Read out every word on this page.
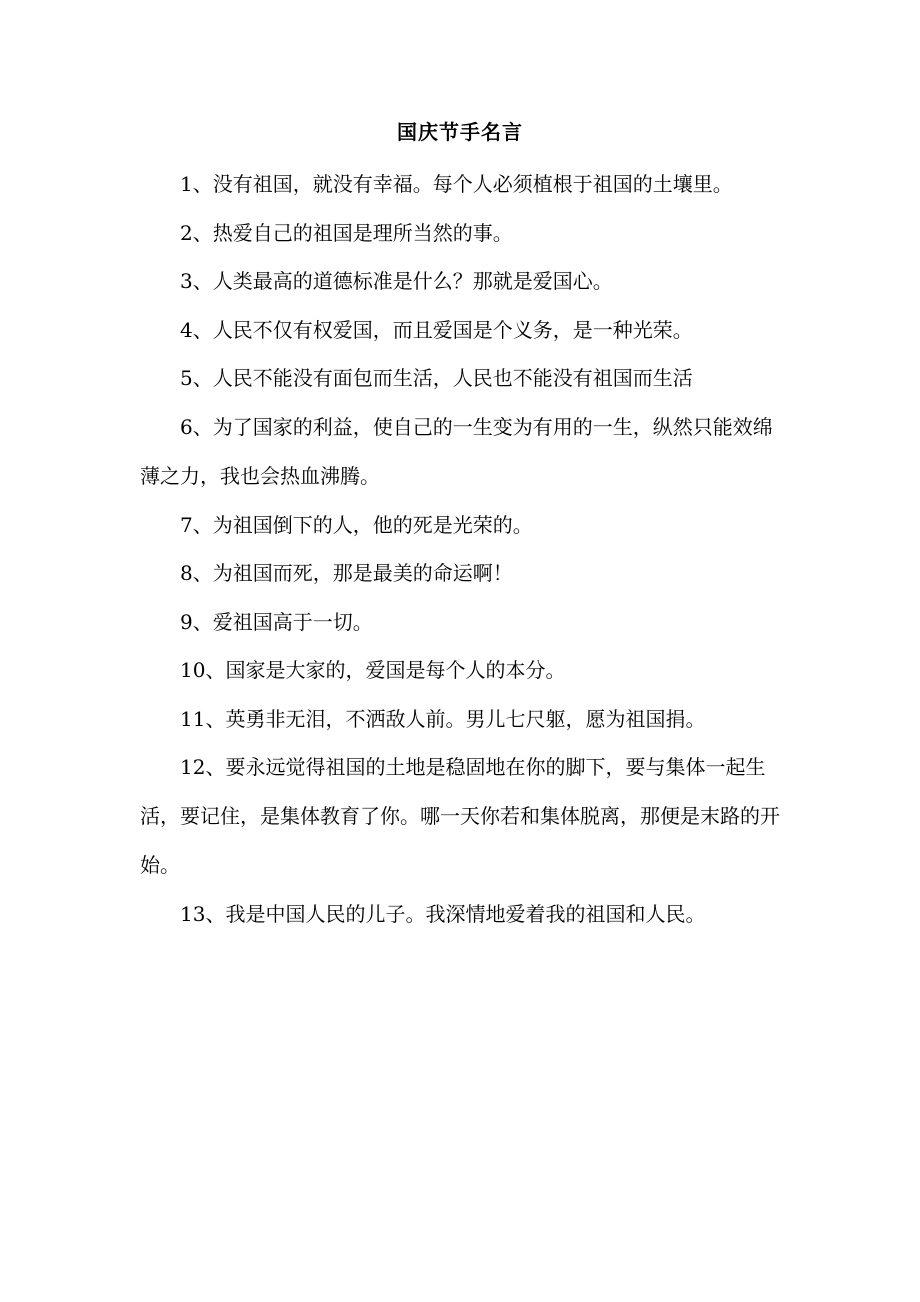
国庆节手名言

1、没有祖国，就没有幸福。每个人必须植根于祖国的土壤里。

2、热爱自己的祖国是理所当然的事。

3、人类最高的道德标准是什么？那就是爱国心。

4、人民不仅有权爱国，而且爱国是个义务，是一种光荣。

5、人民不能没有面包而生活，人民也不能没有祖国而生活

6、为了国家的利益，使自己的一生变为有用的一生，纵然只能效绵薄之力，我也会热血沸腾。

7、为祖国倒下的人，他的死是光荣的。

8、为祖国而死，那是最美的命运啊！

9、爱祖国高于一切。

10、国家是大家的，爱国是每个人的本分。

11、英勇非无泪，不洒敌人前。男儿七尺躯，愿为祖国捐。

12、要永远觉得祖国的土地是稳固地在你的脚下，要与集体一起生活，要记住，是集体教育了你。哪一天你若和集体脱离，那便是末路的开始。

13、我是中国人民的儿子。我深情地爱着我的祖国和人民。
